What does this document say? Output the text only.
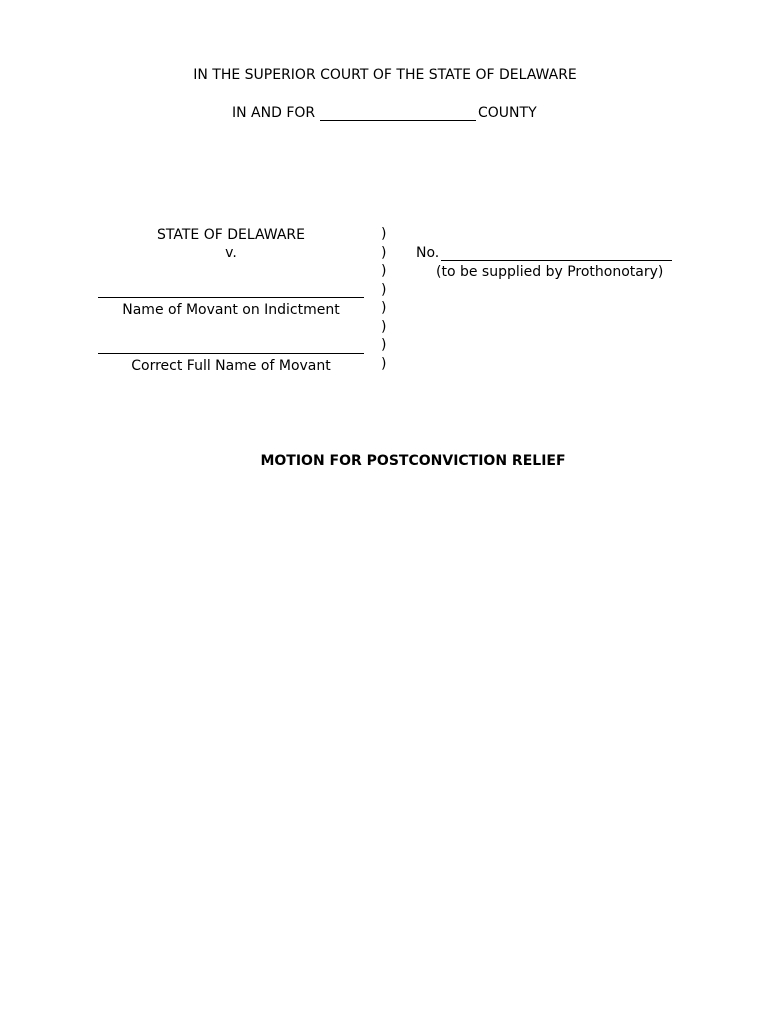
IN THE SUPERIOR COURT OF THE STATE OF DELAWARE
IN AND FOR	COUNTY
STATE OF DELAWARE
v.
Name of Movant on Indictment
Correct Full Name of Movant
)
)
)
)
)
)
)
)
No.
(to be supplied by Prothonotary)
MOTION FOR POSTCONVICTION RELIEF
